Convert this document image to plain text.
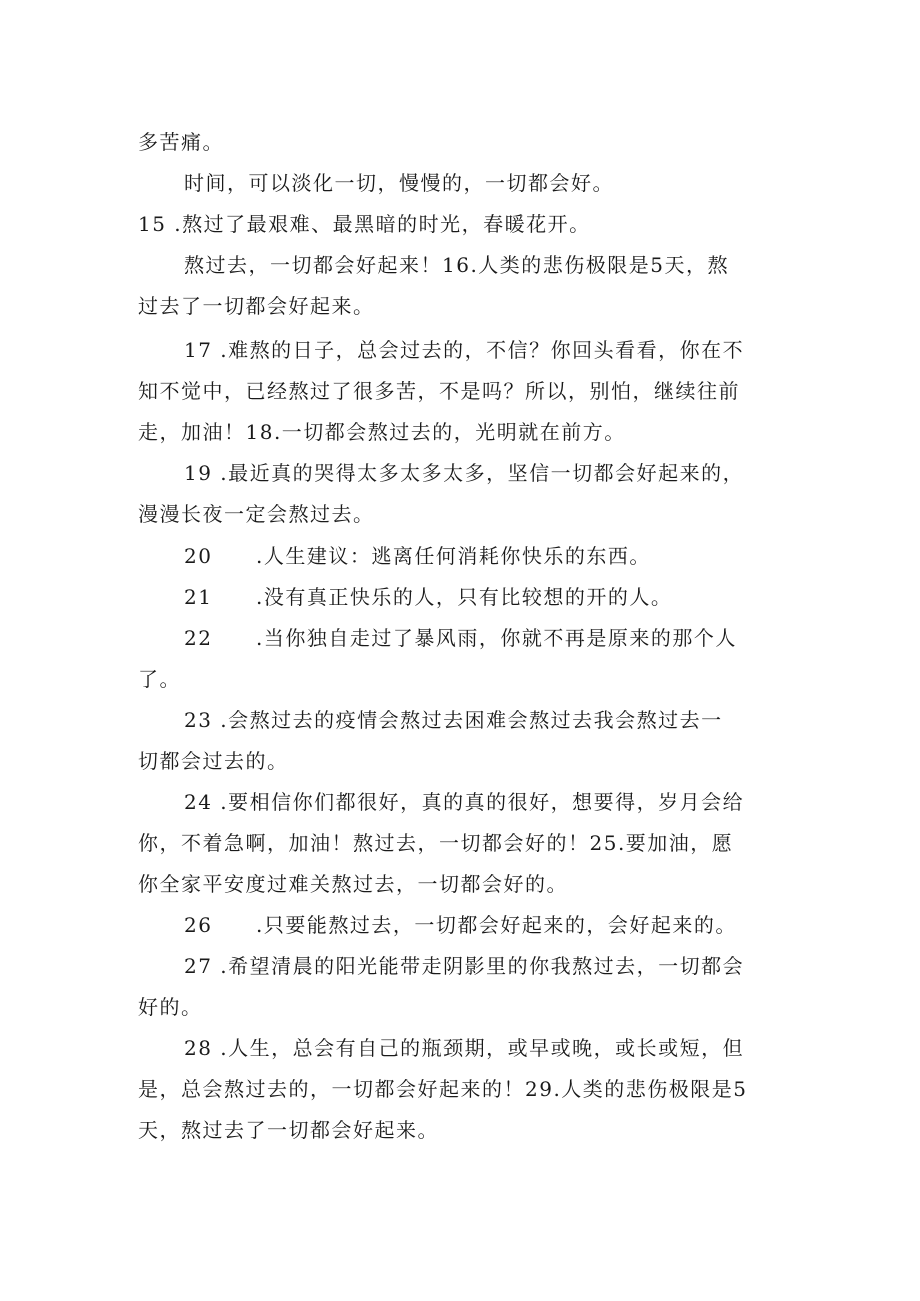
多苦痛。
时间，可以淡化一切，慢慢的，一切都会好。
15 .熬过了最艰难、最黑暗的时光，春暖花开。
熬过去，一切都会好起来！16.人类的悲伤极限是5天，熬
过去了一切都会好起来。
17 .难熬的日子，总会过去的，不信？你回头看看，你在不
知不觉中，已经熬过了很多苦，不是吗？所以，别怕，继续往前
走，加油！18.一切都会熬过去的，光明就在前方。
19 .最近真的哭得太多太多太多，坚信一切都会好起来的，
漫漫长夜一定会熬过去。
20 .人生建议：逃离任何消耗你快乐的东西。
21 .没有真正快乐的人，只有比较想的开的人。
22 .当你独自走过了暴风雨，你就不再是原来的那个人
了。
23 .会熬过去的疫情会熬过去困难会熬过去我会熬过去一
切都会过去的。
24 .要相信你们都很好，真的真的很好，想要得，岁月会给
你，不着急啊，加油！熬过去，一切都会好的！25.要加油，愿
你全家平安度过难关熬过去，一切都会好的。
26 .只要能熬过去，一切都会好起来的，会好起来的。
27 .希望清晨的阳光能带走阴影里的你我熬过去，一切都会
好的。
28 .人生，总会有自己的瓶颈期，或早或晚，或长或短，但
是，总会熬过去的，一切都会好起来的！29.人类的悲伤极限是5
天，熬过去了一切都会好起来。
